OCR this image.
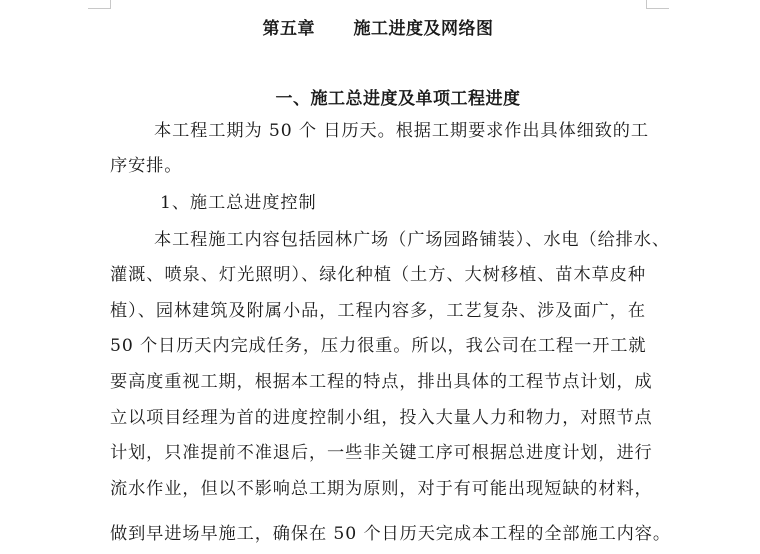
第五章      施工进度及网络图
一、施工总进度及单项工程进度
本工程工期为 50 个 日历天。根据工期要求作出具体细致的工
序安排。
1、施工总进度控制
本工程施工内容包括园林广场（广场园路铺装）、水电（给排水、
灌溉、喷泉、灯光照明）、绿化种植（土方、大树移植、苗木草皮种
植）、园林建筑及附属小品，工程内容多，工艺复杂、涉及面广，在
50 个日历天内完成任务，压力很重。所以，我公司在工程一开工就
要高度重视工期，根据本工程的特点，排出具体的工程节点计划，成
立以项目经理为首的进度控制小组，投入大量人力和物力，对照节点
计划，只准提前不准退后，一些非关键工序可根据总进度计划，进行
流水作业，但以不影响总工期为原则，对于有可能出现短缺的材料，
做到早进场早施工，确保在 50 个日历天完成本工程的全部施工内容。
